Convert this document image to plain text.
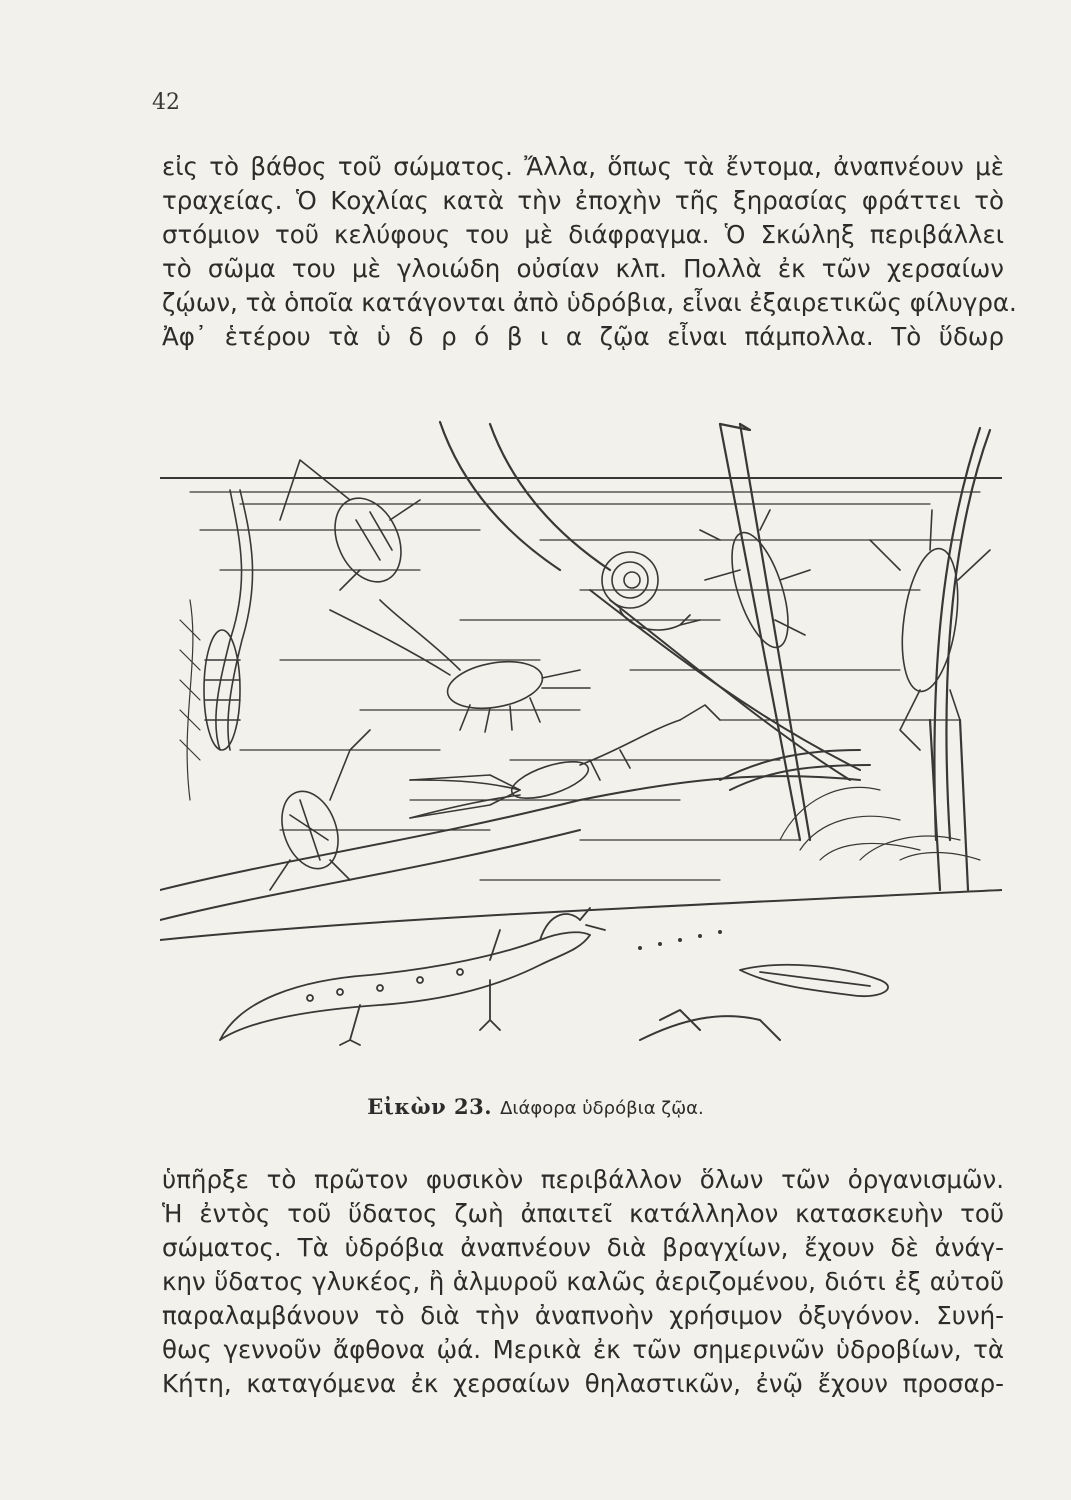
42

εἰς τὸ βάθος τοῦ σώματος. Ἄλλα, ὅπως τὰ ἔντομα, ἀναπνέουν μὲ
τραχείας. Ὁ Κοχλίας κατὰ τὴν ἐποχὴν τῆς ξηρασίας φράττει τὸ
στόμιον τοῦ κελύφους του μὲ διάφραγμα. Ὁ Σκώληξ περιβάλλει
τὸ σῶμα του μὲ γλοιώδη οὐσίαν κλπ. Πολλὰ ἐκ τῶν χερσαίων
ζῴων, τὰ ὁποῖα κατάγονται ἀπὸ ὑδρόβια, εἶναι ἐξαιρετικῶς φίλυγρα.
Ἀφ᾽ ἑτέρου τὰ ὑ δ ρ ό β ι α ζῷα εἶναι πάμπολλα. Τὸ ὕδωρ

Εἰκὼν 23. Διάφορα ὑδρόβια ζῷα.

ὑπῆρξε τὸ πρῶτον φυσικὸν περιβάλλον ὅλων τῶν ὀργανισμῶν.
Ἡ ἐντὸς τοῦ ὕδατος ζωὴ ἀπαιτεῖ κατάλληλον κατασκευὴν τοῦ
σώματος. Τὰ ὑδρόβια ἀναπνέουν διὰ βραγχίων, ἔχουν δὲ ἀνάγ-
κην ὕδατος γλυκέος, ἢ ἁλμυροῦ καλῶς ἀεριζομένου, διότι ἐξ αὐτοῦ
παραλαμβάνουν τὸ διὰ τὴν ἀναπνοὴν χρήσιμον ὀξυγόνον. Συνή-
θως γεννοῦν ἄφθονα ᾠά. Μερικὰ ἐκ τῶν σημερινῶν ὑδροβίων, τὰ
Κήτη, καταγόμενα ἐκ χερσαίων θηλαστικῶν, ἐνῷ ἔχουν προσαρ-
